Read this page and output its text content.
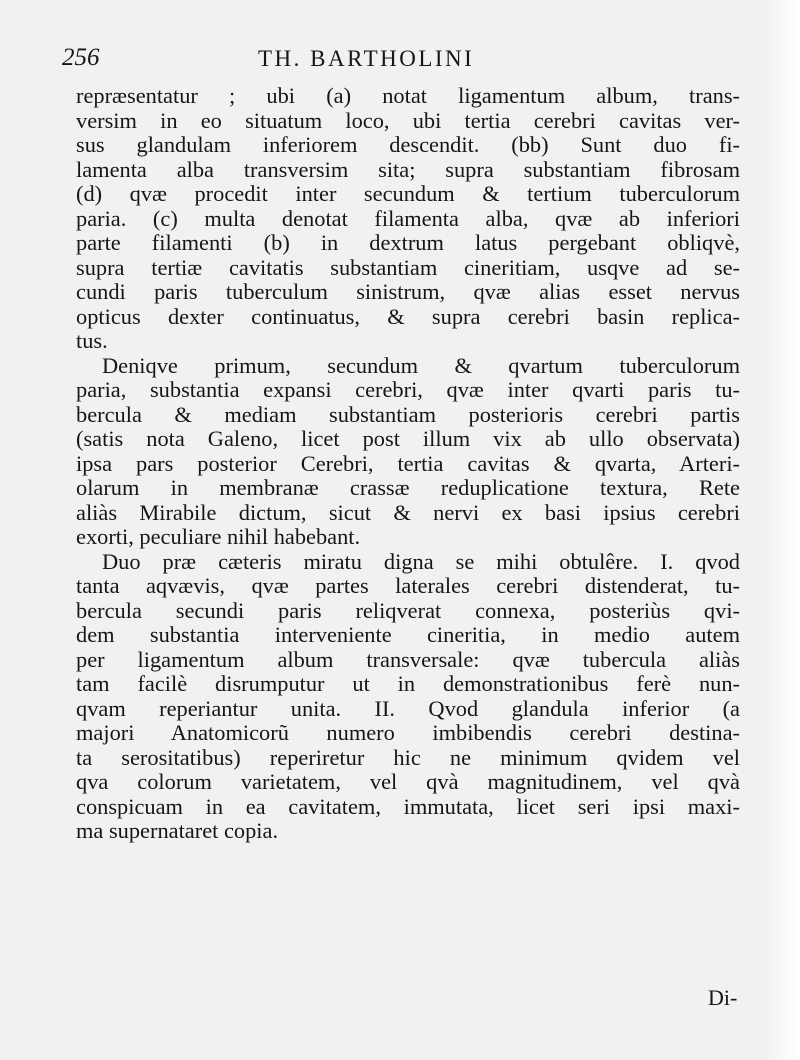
256	TH. BARTHOLINI
repræsentatur ; ubi (a) notat ligamentum album, trans-
versim in eo situatum loco, ubi tertia cerebri cavitas ver-
sus glandulam inferiorem descendit. (bb) Sunt duo fi-
lamenta alba transversim sita; supra substantiam fibrosam
(d) qvæ procedit inter secundum & tertium tuberculorum
paria. (c) multa denotat filamenta alba, qvæ ab inferiori
parte filamenti (b) in dextrum latus pergebant obliqvè,
supra tertiæ cavitatis substantiam cineritiam, usqve ad se-
cundi paris tuberculum sinistrum, qvæ alias esset nervus
opticus dexter continuatus, & supra cerebri basin replica-
tus.
Deniqve primum, secundum & qvartum tuberculorum
paria, substantia expansi cerebri, qvæ inter qvarti paris tu-
bercula & mediam substantiam posterioris cerebri partis
(satis nota Galeno, licet post illum vix ab ullo observata)
ipsa pars posterior Cerebri, tertia cavitas & qvarta, Arteri-
olarum in membranæ crassæ reduplicatione textura, Rete
aliàs Mirabile dictum, sicut & nervi ex basi ipsius cerebri
exorti, peculiare nihil habebant.
Duo præ cæteris miratu digna se mihi obtulêre. I. qvod
tanta aqvævis, qvæ partes laterales cerebri distenderat, tu-
bercula secundi paris reliqverat connexa, posteriùs qvi-
dem substantia interveniente cineritia, in medio autem
per ligamentum album transversale: qvæ tubercula aliàs
tam facilè disrumputur ut in demonstrationibus ferè nun-
qvam reperiantur unita. II. Qvod glandula inferior (a
majori Anatomicorũ numero imbibendis cerebri destina-
ta serositatibus) reperiretur hic ne minimum qvidem vel
qva colorum varietatem, vel qvà magnitudinem, vel qvà
conspicuam in ea cavitatem, immutata, licet seri ipsi maxi-
ma supernataret copia.
Di-
